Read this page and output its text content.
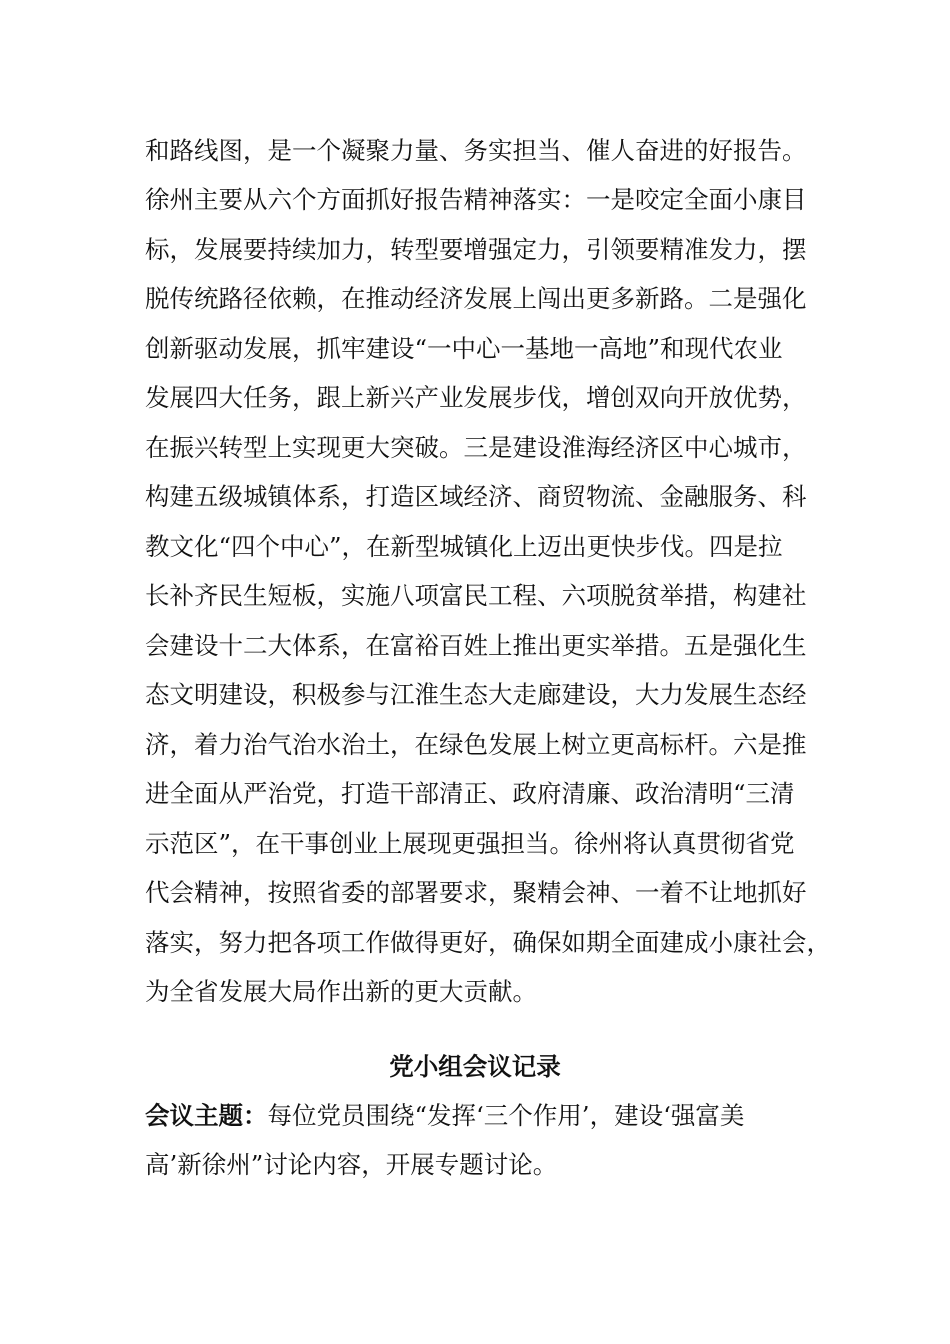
和路线图，是一个凝聚力量、务实担当、催人奋进的好报告。
徐州主要从六个方面抓好报告精神落实：一是咬定全面小康目
标，发展要持续加力，转型要增强定力，引领要精准发力，摆
脱传统路径依赖，在推动经济发展上闯出更多新路。二是强化
创新驱动发展，抓牢建设“一中心一基地一高地”和现代农业
发展四大任务，跟上新兴产业发展步伐，增创双向开放优势，
在振兴转型上实现更大突破。三是建设淮海经济区中心城市，
构建五级城镇体系，打造区域经济、商贸物流、金融服务、科
教文化“四个中心”，在新型城镇化上迈出更快步伐。四是拉
长补齐民生短板，实施八项富民工程、六项脱贫举措，构建社
会建设十二大体系，在富裕百姓上推出更实举措。五是强化生
态文明建设，积极参与江淮生态大走廊建设，大力发展生态经
济，着力治气治水治土，在绿色发展上树立更高标杆。六是推
进全面从严治党，打造干部清正、政府清廉、政治清明“三清
示范区”，在干事创业上展现更强担当。徐州将认真贯彻省党
代会精神，按照省委的部署要求，聚精会神、一着不让地抓好
落实，努力把各项工作做得更好，确保如期全面建成小康社会，
为全省发展大局作出新的更大贡献。
党小组会议记录
会议主题：每位党员围绕“发挥‘三个作用’，建设‘强富美
高’新徐州”讨论内容，开展专题讨论。
